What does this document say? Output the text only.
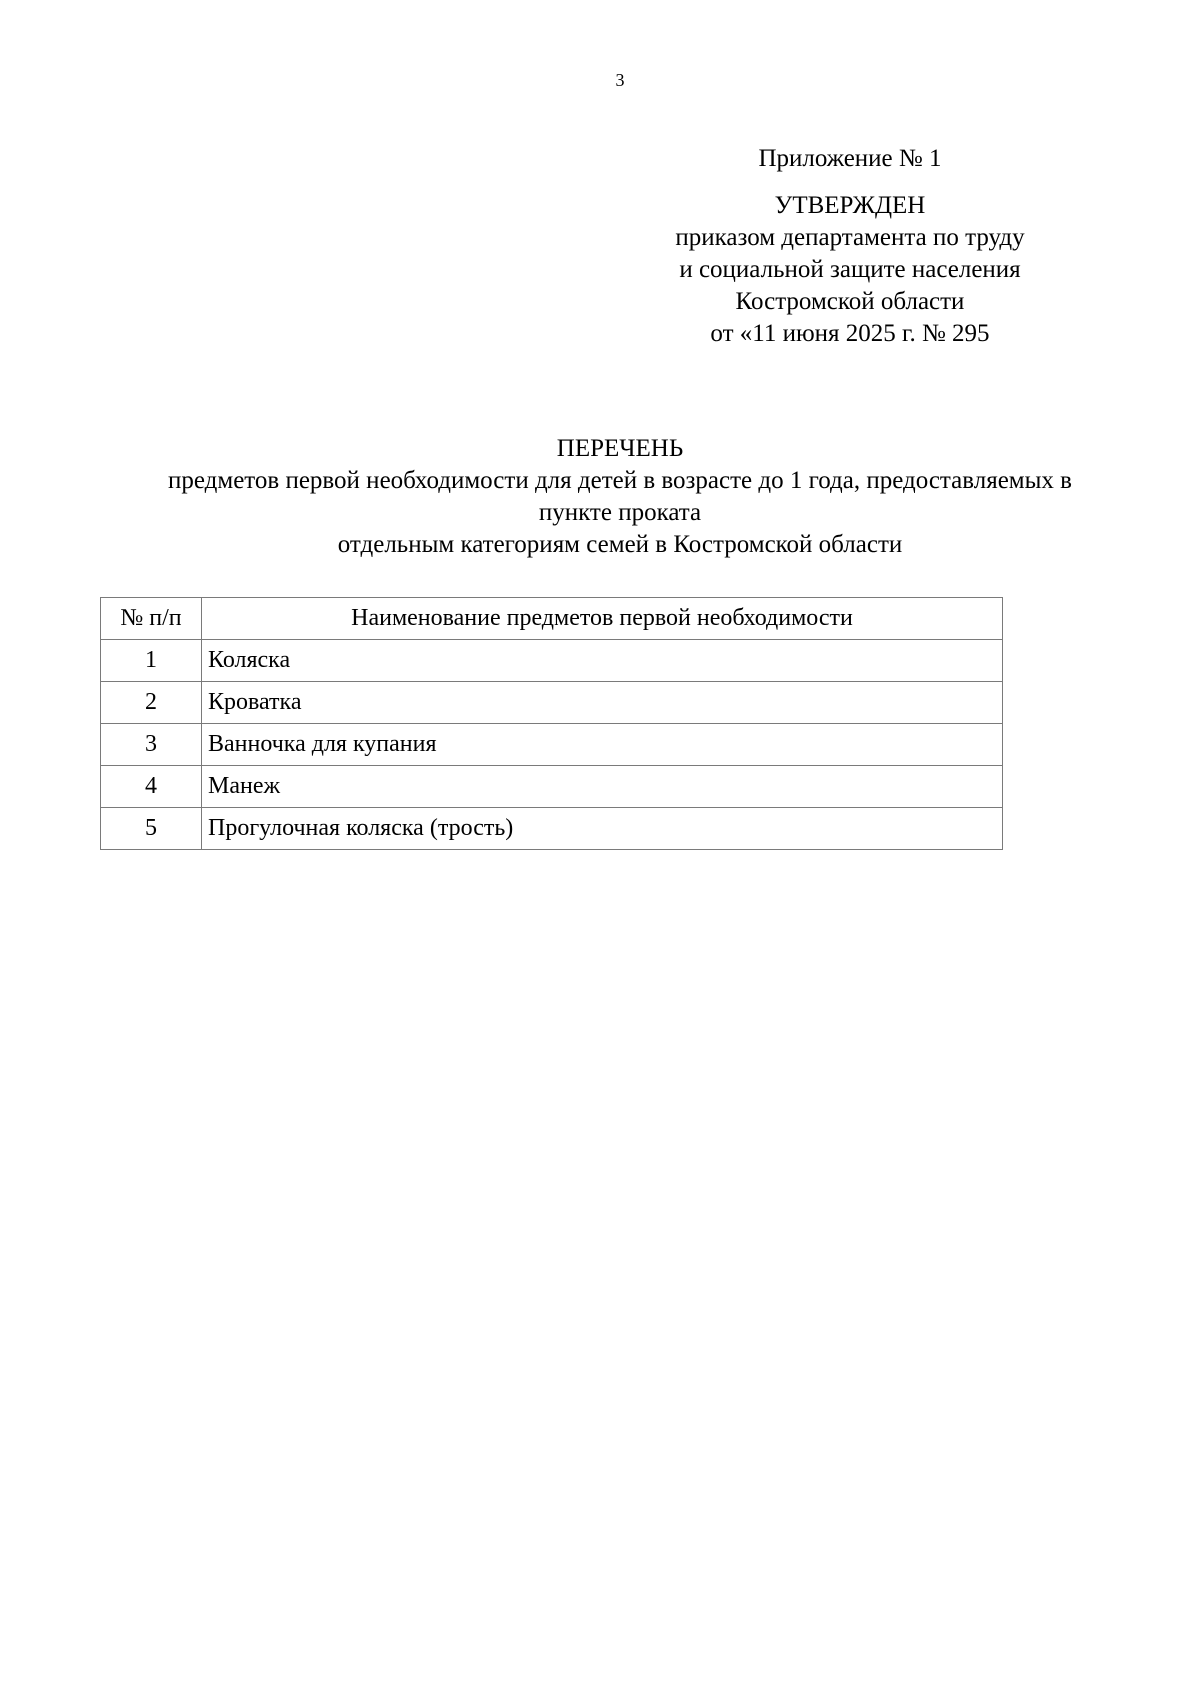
3
Приложение № 1
УТВЕРЖДЕН
приказом департамента по труду
и социальной защите населения
Костромской области
от «11 июня 2025 г. № 295
ПЕРЕЧЕНЬ
предметов первой необходимости для детей в возрасте до 1 года, предоставляемых в
пункте проката
отдельным категориям семей в Костромской области
№ п/п	Наименование предметов первой необходимости
1	Коляска
2	Кроватка
3	Ванночка для купания
4	Манеж
5	Прогулочная коляска (трость)
